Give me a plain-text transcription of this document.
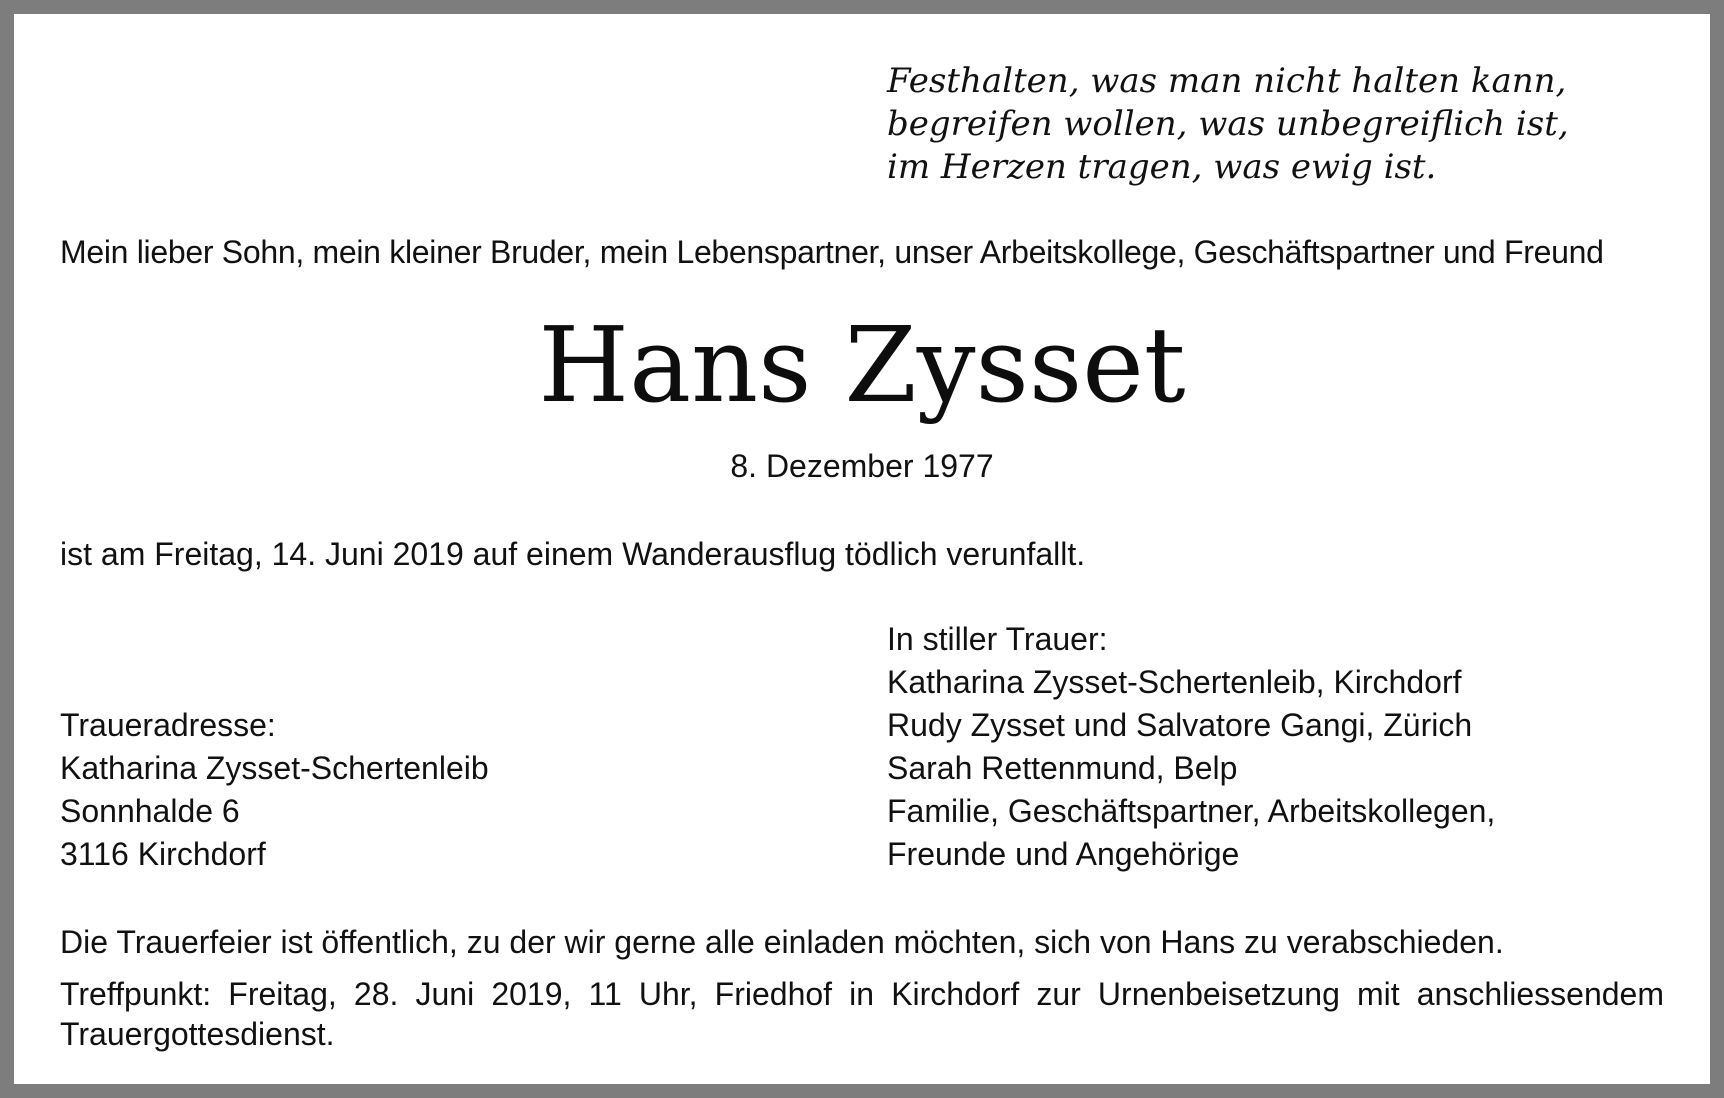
Festhalten, was man nicht halten kann,
begreifen wollen, was unbegreiflich ist,
im Herzen tragen, was ewig ist.
Mein lieber Sohn, mein kleiner Bruder, mein Lebenspartner, unser Arbeitskollege, Geschäftspartner und Freund
Hans Zysset
8. Dezember 1977
ist am Freitag, 14. Juni 2019 auf einem Wanderausflug tödlich verunfallt.
In stiller Trauer:
Katharina Zysset-Schertenleib, Kirchdorf
Rudy Zysset und Salvatore Gangi, Zürich
Sarah Rettenmund, Belp
Familie, Geschäftspartner, Arbeitskollegen,
Freunde und Angehörige
Traueradresse:
Katharina Zysset-Schertenleib
Sonnhalde 6
3116 Kirchdorf

Die Trauerfeier ist öffentlich, zu der wir gerne alle einladen möchten, sich von Hans zu verabschieden.

Treffpunkt: Freitag, 28. Juni 2019, 11 Uhr, Friedhof in Kirchdorf zur Urnenbeisetzung mit anschliessendem Trauergottesdienst.
